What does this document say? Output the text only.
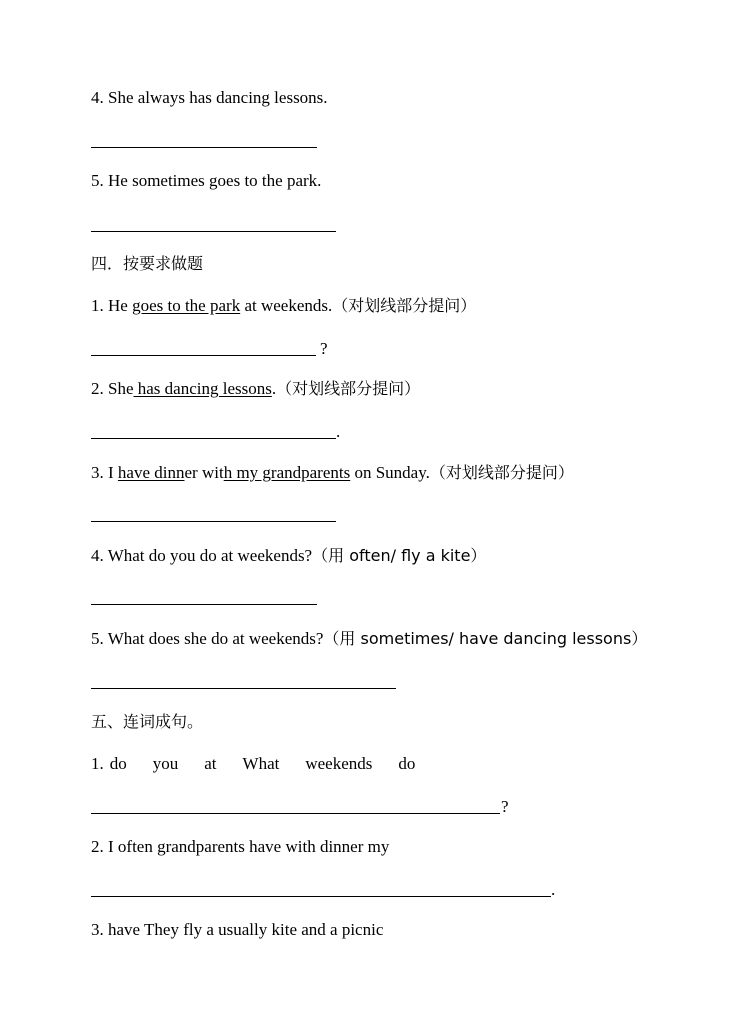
4. She always has dancing lessons.
5. He sometimes goes to the park.
四．按要求做题
1. He goes to the park at weekends.（对划线部分提问）
?
2. She has dancing lessons.（对划线部分提问）
.
3. I have dinner with my grandparents on Sunday.（对划线部分提问）
4. What do you do at weekends?（用 often/ fly a kite）
5. What does she do at weekends?（用 sometimes/ have dancing lessons）
五、连词成句。
1. do you at What weekends do
?
2. I often grandparents have with dinner my
.
3. have They fly a usually kite and a picnic
